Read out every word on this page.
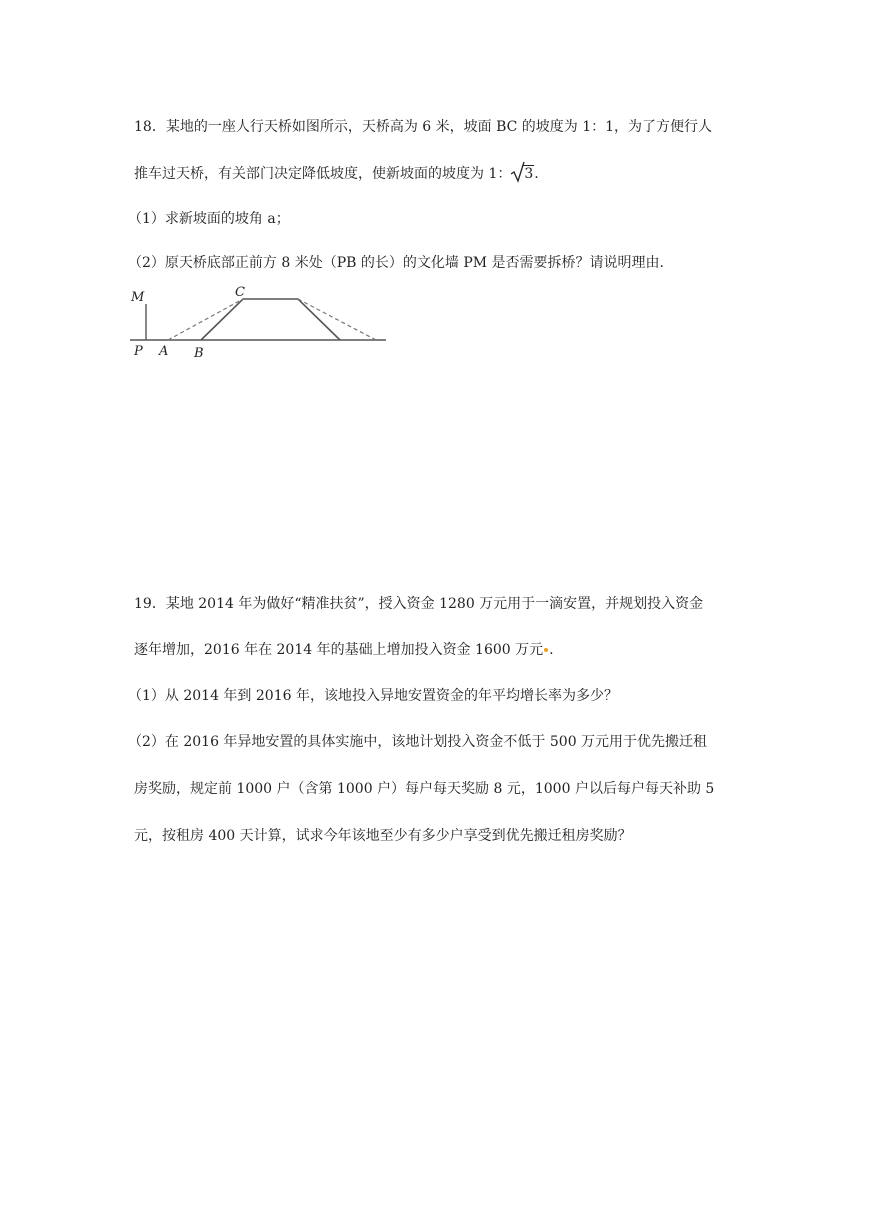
18．某地的一座人行天桥如图所示，天桥高为 6 米，坡面 BC 的坡度为 1：1，为了方便行人
推车过天桥，有关部门决定降低坡度，使新坡面的坡度为 1： 3.
（1）求新坡面的坡角 a；
（2）原天桥底部正前方 8 米处（PB 的长）的文化墙 PM 是否需要拆桥？请说明理由.
M	C
P A B
19．某地 2014 年为做好“精准扶贫”，授入资金 1280 万元用于一滴安置，并规划投入资金
逐年增加，2016 年在 2014 年的基础上增加投入资金 1600 万元 .
（1）从 2014 年到 2016 年，该地投入异地安置资金的年平均增长率为多少？
（2）在 2016 年异地安置的具体实施中，该地计划投入资金不低于 500 万元用于优先搬迁租
房奖励，规定前 1000 户（含第 1000 户）每户每天奖励 8 元，1000 户以后每户每天补助 5
元，按租房 400 天计算，试求今年该地至少有多少户享受到优先搬迁租房奖励？
